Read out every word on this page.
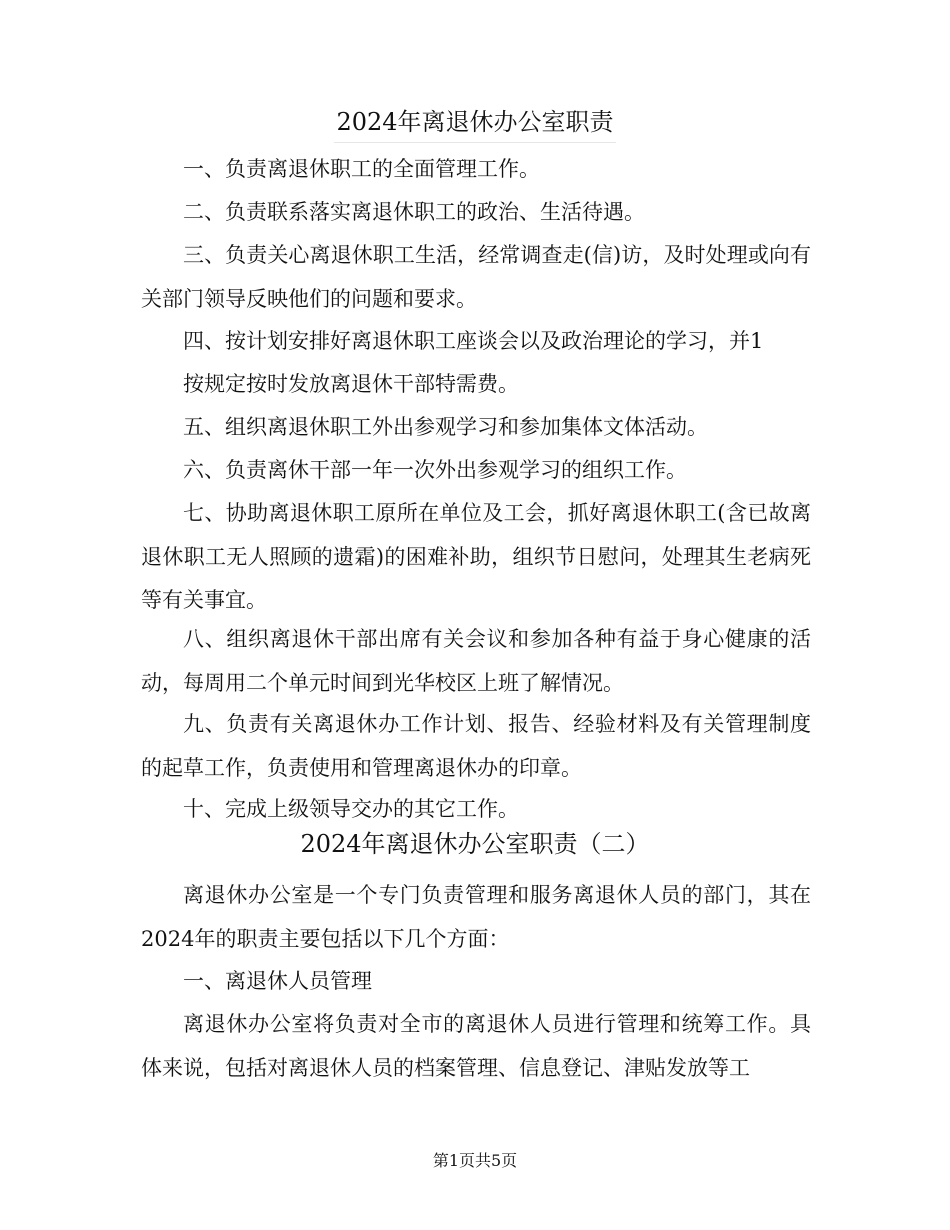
2024年离退休办公室职责

一、负责离退休职工的全面管理工作。

二、负责联系落实离退休职工的政治、生活待遇。

三、负责关心离退休职工生活，经常调查走(信)访，及时处理或向有关部门领导反映他们的问题和要求。

四、按计划安排好离退休职工座谈会以及政治理论的学习，并1

按规定按时发放离退休干部特需费。

五、组织离退休职工外出参观学习和参加集体文体活动。

六、负责离休干部一年一次外出参观学习的组织工作。

七、协助离退休职工原所在单位及工会，抓好离退休职工(含已故离退休职工无人照顾的遗霜)的困难补助，组织节日慰问，处理其生老病死等有关事宜。

八、组织离退休干部出席有关会议和参加各种有益于身心健康的活动，每周用二个单元时间到光华校区上班了解情况。

九、负责有关离退休办工作计划、报告、经验材料及有关管理制度的起草工作，负责使用和管理离退休办的印章。

十、完成上级领导交办的其它工作。

2024年离退休办公室职责（二）

离退休办公室是一个专门负责管理和服务离退休人员的部门，其在2024年的职责主要包括以下几个方面：

一、离退休人员管理

离退休办公室将负责对全市的离退休人员进行管理和统筹工作。具体来说，包括对离退休人员的档案管理、信息登记、津贴发放等工

第1页共5页
